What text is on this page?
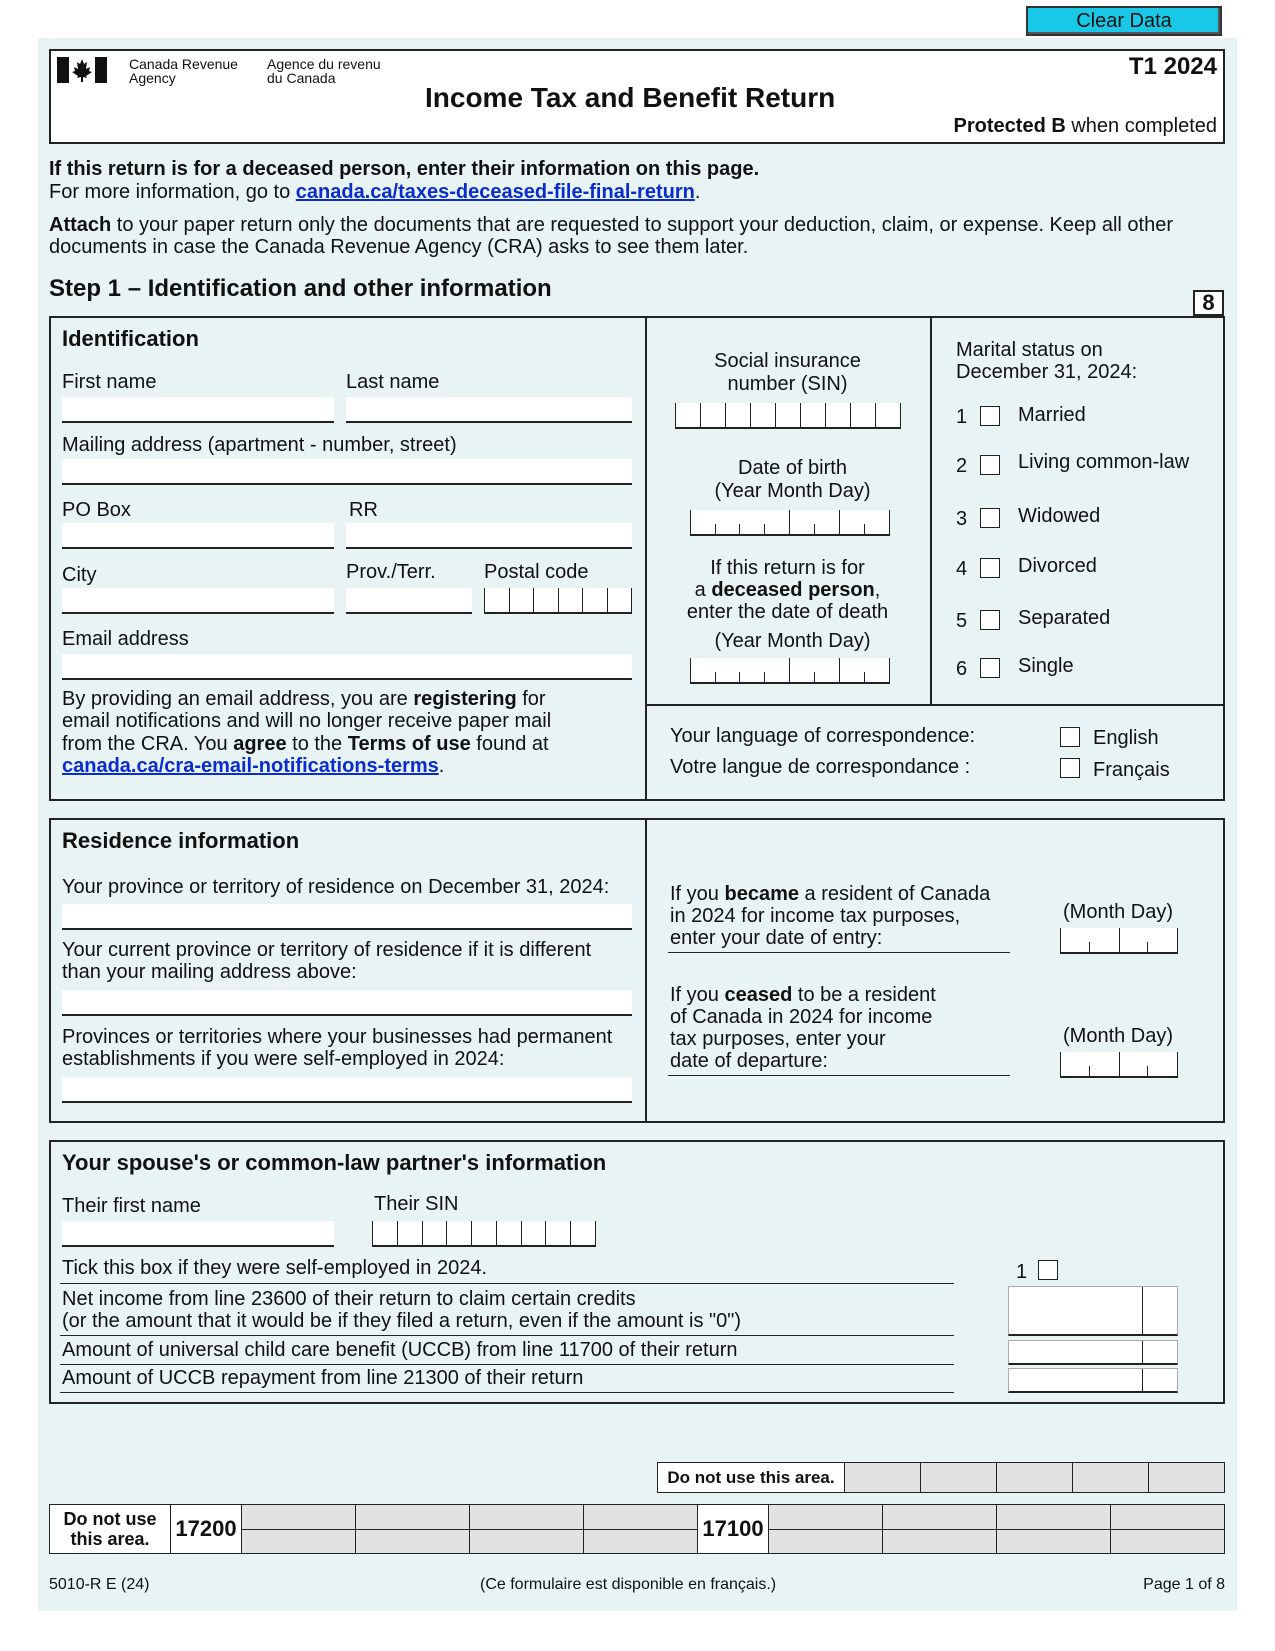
Clear Data
Canada Revenue
Agency
Agence du revenu
du Canada	T1 2024
Income Tax and Benefit Return
Protected B when completed
If this return is for a deceased person, enter their information on this page.
For more information, go to canada.ca/taxes-deceased-file-final-return.
Attach to your paper return only the documents that are requested to support your deduction, claim, or expense. Keep all other
documents in case the Canada Revenue Agency (CRA) asks to see them later.
Step 1 – Identification and other information
8
Identification
First name	Last name
Mailing address (apartment - number, street)
PO Box	RR
City	Prov./Terr. Postal code
Email address
By providing an email address, you are registering for
email notifications and will no longer receive paper mail
from the CRA. You agree to the Terms of use found at
canada.ca/cra-email-notifications-terms.
Social insurance
number (SIN)
Date of birth
(Year Month Day)
If this return is for
a deceased person,
enter the date of death
(Year Month Day)
Marital status on
December 31, 2024:
1	Married
2	Living common-law
3	Widowed
4	Divorced
5	Separated
6	Single
Your language of correspondence:
Votre langue de correspondance :
English
Français
Residence information
Your province or territory of residence on December 31, 2024:
Your current province or territory of residence if it is different
than your mailing address above:
Provinces or territories where your businesses had permanent
establishments if you were self-employed in 2024:
If you became a resident of Canada
in 2024 for income tax purposes,
enter your date of entry:
(Month Day)
If you ceased to be a resident
of Canada in 2024 for income
tax purposes, enter your
date of departure:
(Month Day)
Your spouse's or common-law partner's information
Their first name	Their SIN
Tick this box if they were self-employed in 2024.	1
Net income from line 23600 of their return to claim certain credits
(or the amount that it would be if they filed a return, even if the amount is "0")
Amount of universal child care benefit (UCCB) from line 11700 of their return
Amount of UCCB repayment from line 21300 of their return
Do not use this area.					
Do not use
this area.	17200					17100				

5010-R E (24)	(Ce formulaire est disponible en français.)	Page 1 of 8
